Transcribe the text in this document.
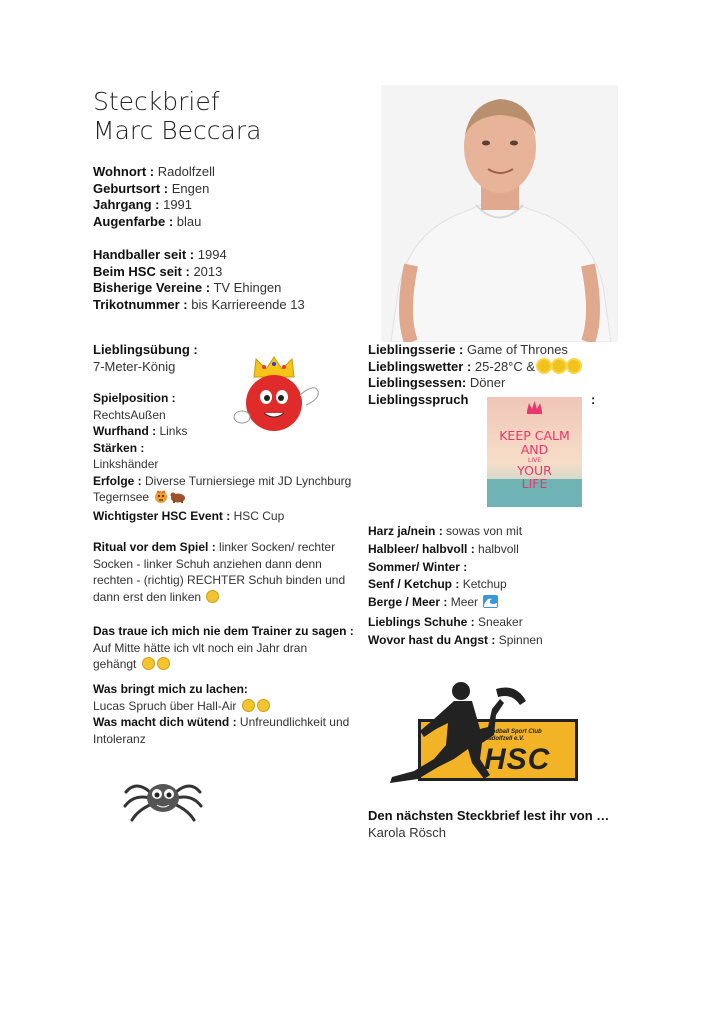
Steckbrief
Marc Beccara
Wohnort : Radolfzell
Geburtsort : Engen
Jahrgang : 1991
Augenfarbe : blau
Handballer seit : 1994
Beim HSC seit : 2013
Bisherige Vereine : TV Ehingen
Trikotnummer : bis Karriereende 13
Lieblingsübung :
7-Meter-König
Spielposition :
RechtsAußen
Wurfhand : Links
Stärken :
Linkshänder
Erfolge : Diverse Turniersiege mit JD Lynchburg
Tegernsee
Wichtigster HSC Event : HSC Cup
Ritual vor dem Spiel : linker Socken/ rechter
Socken - linker Schuh anziehen dann denn
rechten - (richtig) RECHTER Schuh binden und
dann erst den linken
Das traue ich mich nie dem Trainer zu sagen :
Auf Mitte hätte ich vlt noch ein Jahr dran
gehängt
Was bringt mich zu lachen:
Lucas Spruch über Hall-Air
Was macht dich wütend : Unfreundlichkeit und
Intoleranz
Lieblingsserie : Game of Thrones
Lieblingswetter : 25-28°C &
Lieblingsessen: Döner
Lieblingsspruch	:
KEEP CALM
AND
LIVE
YOUR
LIFE
Harz ja/nein : sowas von mit
Halbleer/ halbvoll : halbvoll
Sommer/ Winter :
Senf / Ketchup : Ketchup
Berge / Meer : Meer
Lieblings Schuhe : Sneaker
Wovor hast du Angst : Spinnen
Handball Sport Club
Radolfzell e.V.
HSC
Den nächsten Steckbrief lest ihr von …
Karola Rösch
